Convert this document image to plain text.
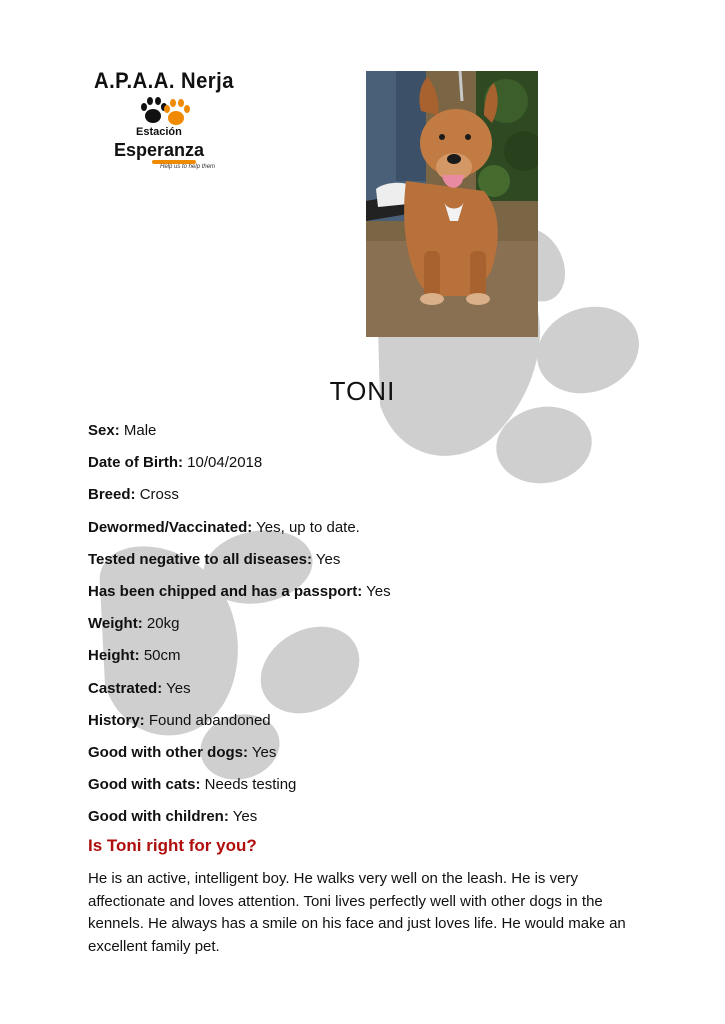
A.P.A.A. Nerja
Estación
Esperanza
Help us to help them
TONI
Sex: Male
Date of Birth: 10/04/2018
Breed: Cross
Dewormed/Vaccinated: Yes, up to date.
Tested negative to all diseases: Yes
Has been chipped and has a passport: Yes
Weight: 20kg
Height: 50cm
Castrated: Yes
History: Found abandoned
Good with other dogs: Yes
Good with cats: Needs testing
Good with children: Yes
Is Toni right for you?

He is an active, intelligent boy. He walks very well on the leash. He is very affectionate and loves attention. Toni lives perfectly well with other dogs in the kennels. He always has a smile on his face and just loves life. He would make an excellent family pet.
